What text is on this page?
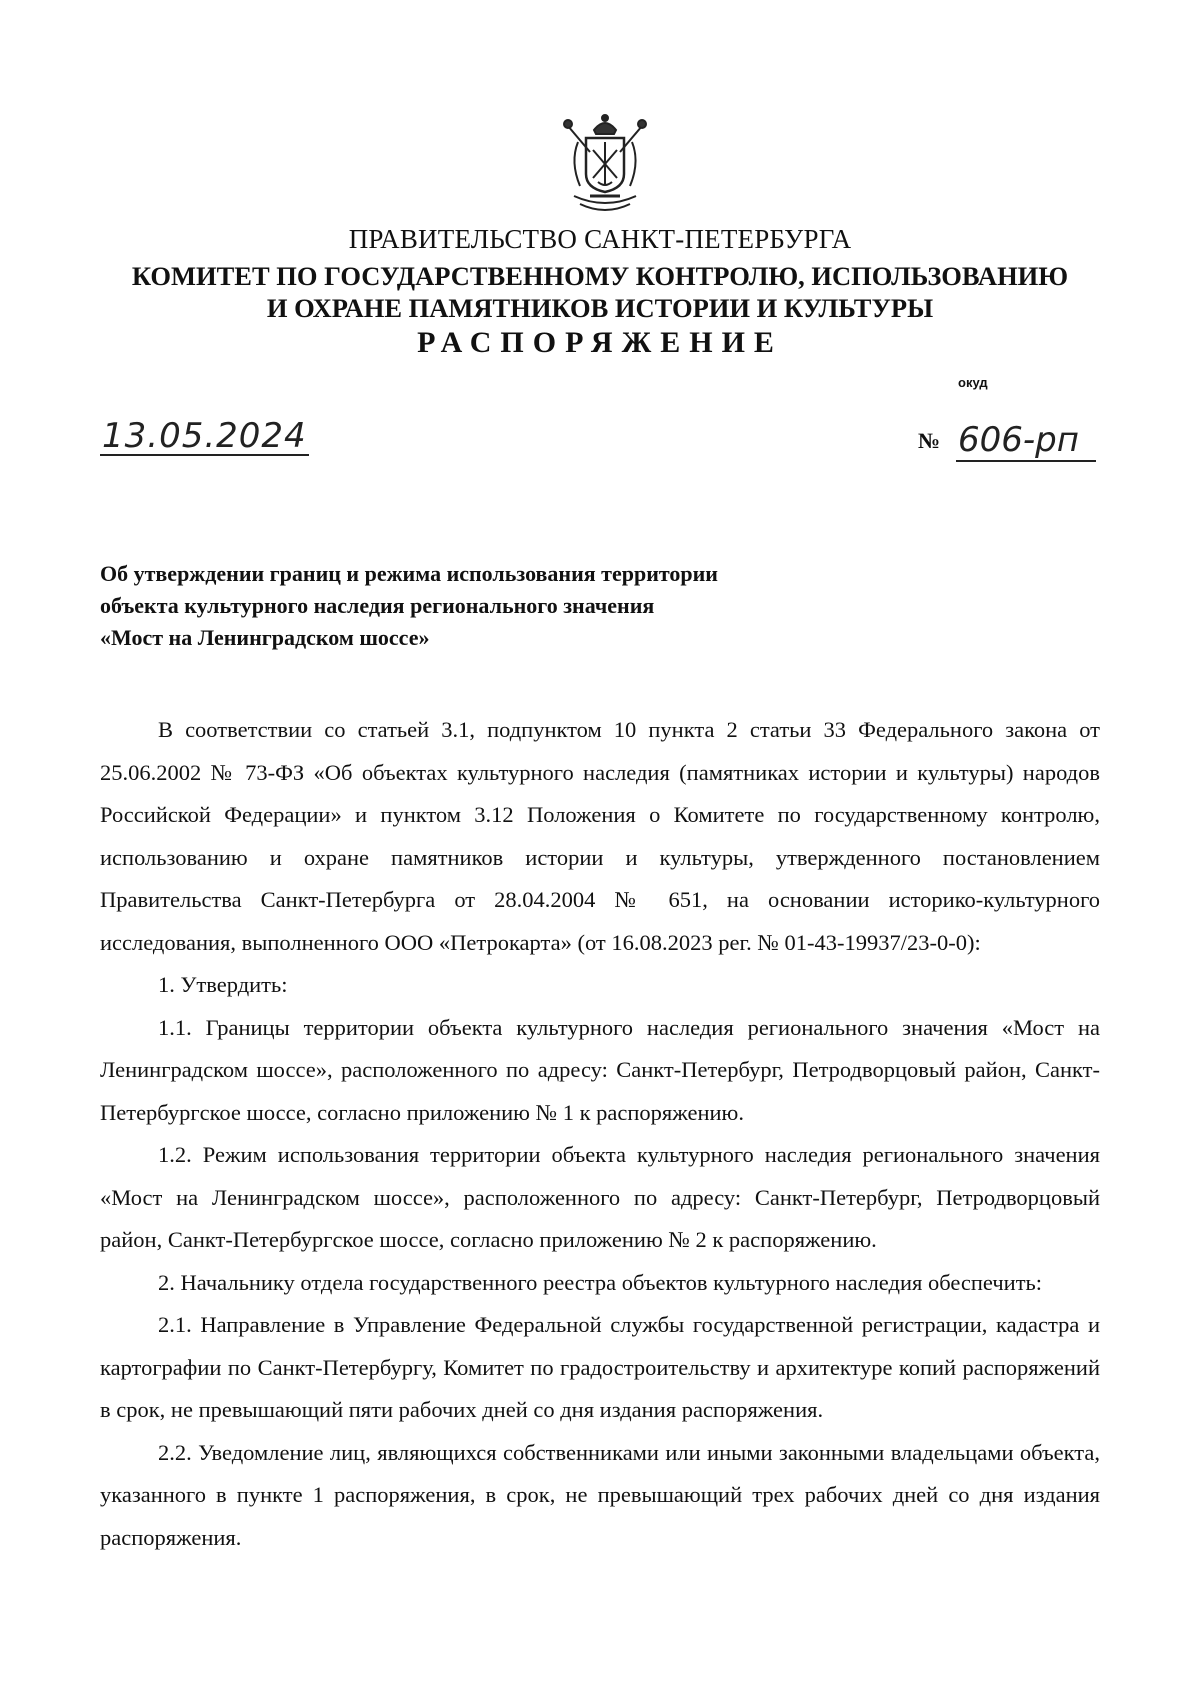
ПРАВИТЕЛЬСТВО САНКТ-ПЕТЕРБУРГА
КОМИТЕТ ПО ГОСУДАРСТВЕННОМУ КОНТРОЛЮ, ИСПОЛЬЗОВАНИЮ
И ОХРАНЕ ПАМЯТНИКОВ ИСТОРИИ И КУЛЬТУРЫ
РАСПОРЯЖЕНИЕ
окуд
13.05.2024	№ 606-рп
Об утверждении границ и режима использования территории
объекта культурного наследия регионального значения
«Мост на Ленинградском шоссе»

В соответствии со статьей 3.1, подпунктом 10 пункта 2 статьи 33 Федерального закона от 25.06.2002 № 73-ФЗ «Об объектах культурного наследия (памятниках истории и культуры) народов Российской Федерации» и пунктом 3.12 Положения о Комитете по государственному контролю, использованию и охране памятников истории и культуры, утвержденного постановлением Правительства Санкт-Петербурга от 28.04.2004 № 651, на основании историко-культурного исследования, выполненного ООО «Петрокарта» (от 16.08.2023 рег. № 01-43-19937/23-0-0):

1. Утвердить:

1.1. Границы территории объекта культурного наследия регионального значения «Мост на Ленинградском шоссе», расположенного по адресу: Санкт-Петербург, Петродворцовый район, Санкт-Петербургское шоссе, согласно приложению № 1 к распоряжению.

1.2. Режим использования территории объекта культурного наследия регионального значения «Мост на Ленинградском шоссе», расположенного по адресу: Санкт-Петербург, Петродворцовый район, Санкт-Петербургское шоссе, согласно приложению № 2 к распоряжению.

2. Начальнику отдела государственного реестра объектов культурного наследия обеспечить:

2.1. Направление в Управление Федеральной службы государственной регистрации, кадастра и картографии по Санкт-Петербургу, Комитет по градостроительству и архитектуре копий распоряжений в срок, не превышающий пяти рабочих дней со дня издания распоряжения.

2.2. Уведомление лиц, являющихся собственниками или иными законными владельцами объекта, указанного в пункте 1 распоряжения, в срок, не превышающий трех рабочих дней со дня издания распоряжения.
